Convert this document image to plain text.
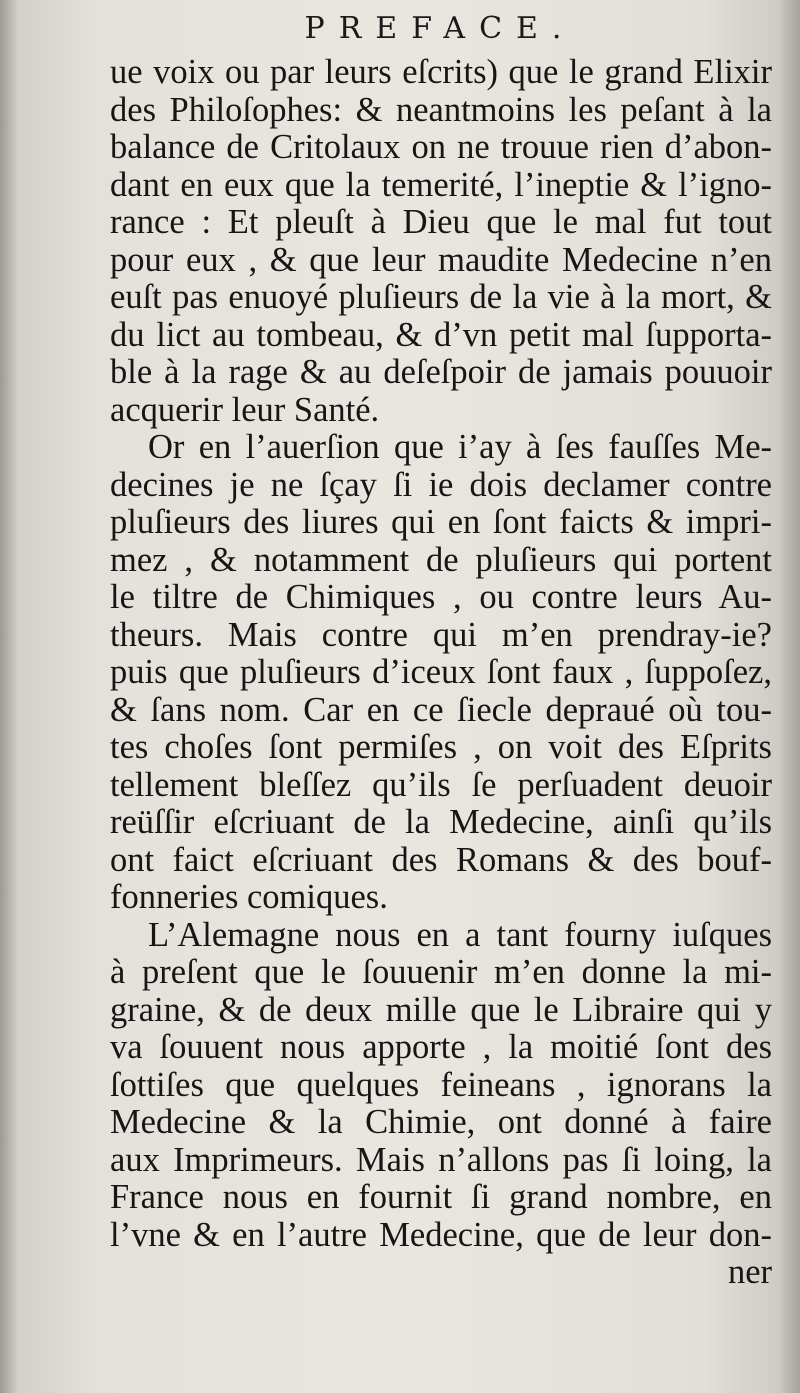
PREFACE.
ue voix ou par leurs eſcrits) que le grand Elixir
des Philoſophes: & neantmoins les peſant à la
balance de Critolaux on ne trouue rien d’abon-
dant en eux que la temerité, l’ineptie & l’igno-
rance : Et pleuſt à Dieu que le mal fut tout
pour eux , & que leur maudite Medecine n’en
euſt pas enuoyé pluſieurs de la vie à la mort, &
du lict au tombeau, & d’vn petit mal ſupporta-
ble à la rage & au deſeſpoir de jamais pouuoir
acquerir leur Santé.
Or en l’auerſion que i’ay à ſes fauſſes Me-
decines je ne ſçay ſi ie dois declamer contre
pluſieurs des liures qui en ſont faicts & impri-
mez , & notamment de pluſieurs qui portent
le tiltre de Chimiques , ou contre leurs Au-
theurs. Mais contre qui m’en prendray-ie?
puis que pluſieurs d’iceux ſont faux , ſuppoſez,
& ſans nom. Car en ce ſiecle depraué où tou-
tes choſes ſont permiſes , on voit des Eſprits
tellement bleſſez qu’ils ſe perſuadent deuoir
reüſſir eſcriuant de la Medecine, ainſi qu’ils
ont faict eſcriuant des Romans & des bouf-
fonneries comiques.
L’Alemagne nous en a tant fourny iuſques
à preſent que le ſouuenir m’en donne la mi-
graine, & de deux mille que le Libraire qui y
va ſouuent nous apporte , la moitié ſont des
ſottiſes que quelques feineans , ignorans la
Medecine & la Chimie, ont donné à faire
aux Imprimeurs. Mais n’allons pas ſi loing, la
France nous en fournit ſi grand nombre, en
l’vne & en l’autre Medecine, que de leur don-
ner
